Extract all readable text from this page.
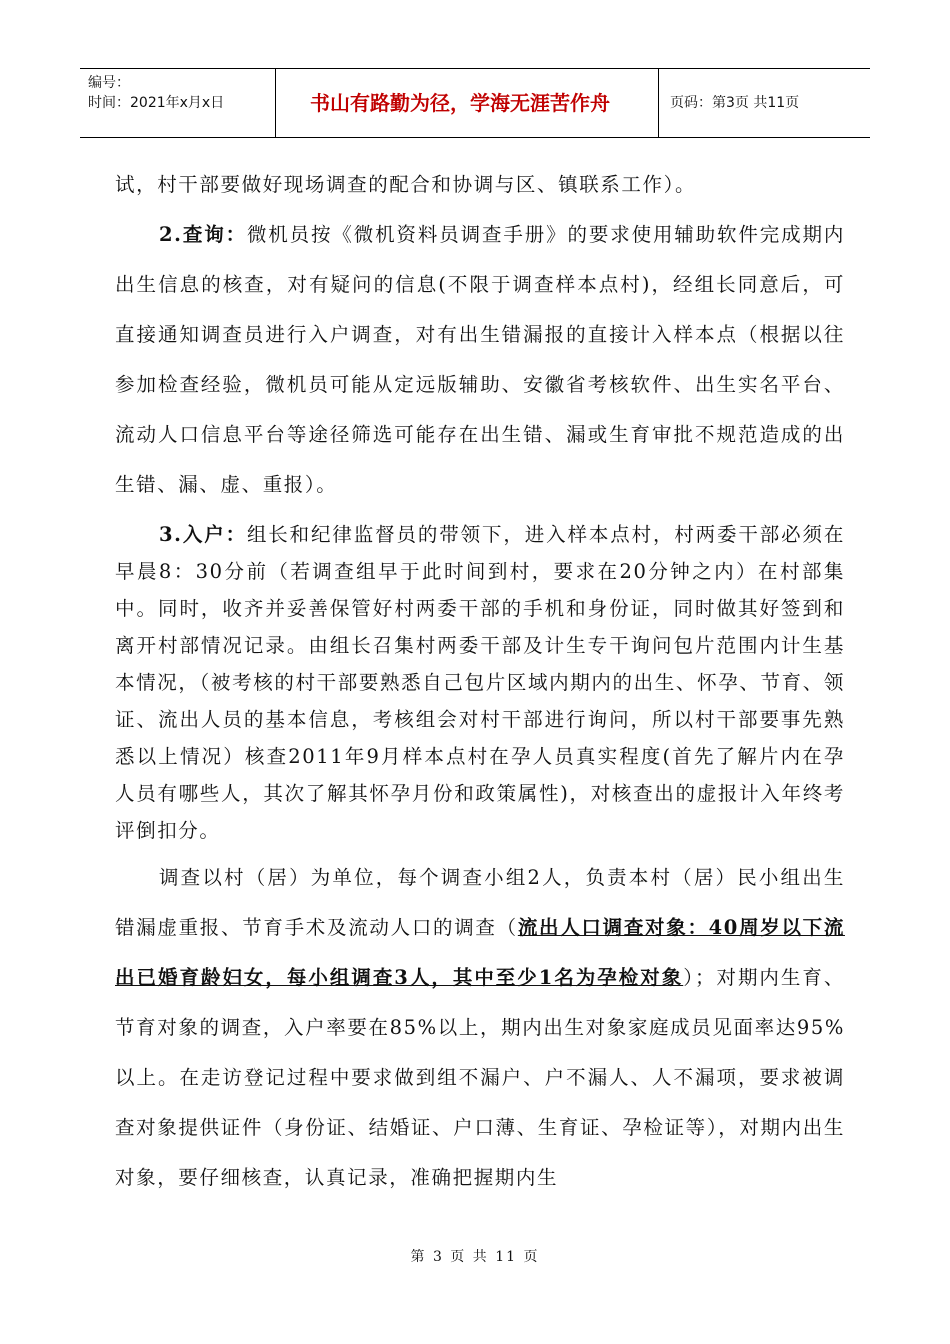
编号：
时间：2021年x月x日	书山有路勤为径，学海无涯苦作舟	页码：第3页 共11页

试，村干部要做好现场调查的配合和协调与区、镇联系工作）。

2.查询：微机员按《微机资料员调查手册》的要求使用辅助软件完成期内出生信息的核查，对有疑问的信息(不限于调查样本点村)，经组长同意后，可直接通知调查员进行入户调查，对有出生错漏报的直接计入样本点（根据以往参加检查经验，微机员可能从定远版辅助、安徽省考核软件、出生实名平台、流动人口信息平台等途径筛选可能存在出生错、漏或生育审批不规范造成的出生错、漏、虚、重报）。

3.入户：组长和纪律监督员的带领下，进入样本点村，村两委干部必须在早晨8：30分前（若调查组早于此时间到村，要求在20分钟之内）在村部集中。同时，收齐并妥善保管好村两委干部的手机和身份证，同时做其好签到和离开村部情况记录。由组长召集村两委干部及计生专干询问包片范围内计生基本情况，（被考核的村干部要熟悉自己包片区域内期内的出生、怀孕、节育、领证、流出人员的基本信息，考核组会对村干部进行询问，所以村干部要事先熟悉以上情况）核查2011年9月样本点村在孕人员真实程度(首先了解片内在孕人员有哪些人，其次了解其怀孕月份和政策属性)，对核查出的虚报计入年终考评倒扣分。

调查以村（居）为单位，每个调查小组2人，负责本村（居）民小组出生错漏虚重报、节育手术及流动人口的调查（流出人口调查对象：40周岁以下流出已婚育龄妇女，每小组调查3人，其中至少1名为孕检对象）；对期内生育、节育对象的调查，入户率要在85%以上，期内出生对象家庭成员见面率达95%以上。在走访登记过程中要求做到组不漏户、户不漏人、人不漏项，要求被调查对象提供证件（身份证、结婚证、户口薄、生育证、孕检证等），对期内出生对象，要仔细核查，认真记录，准确把握期内生

第 3 页 共 11 页
